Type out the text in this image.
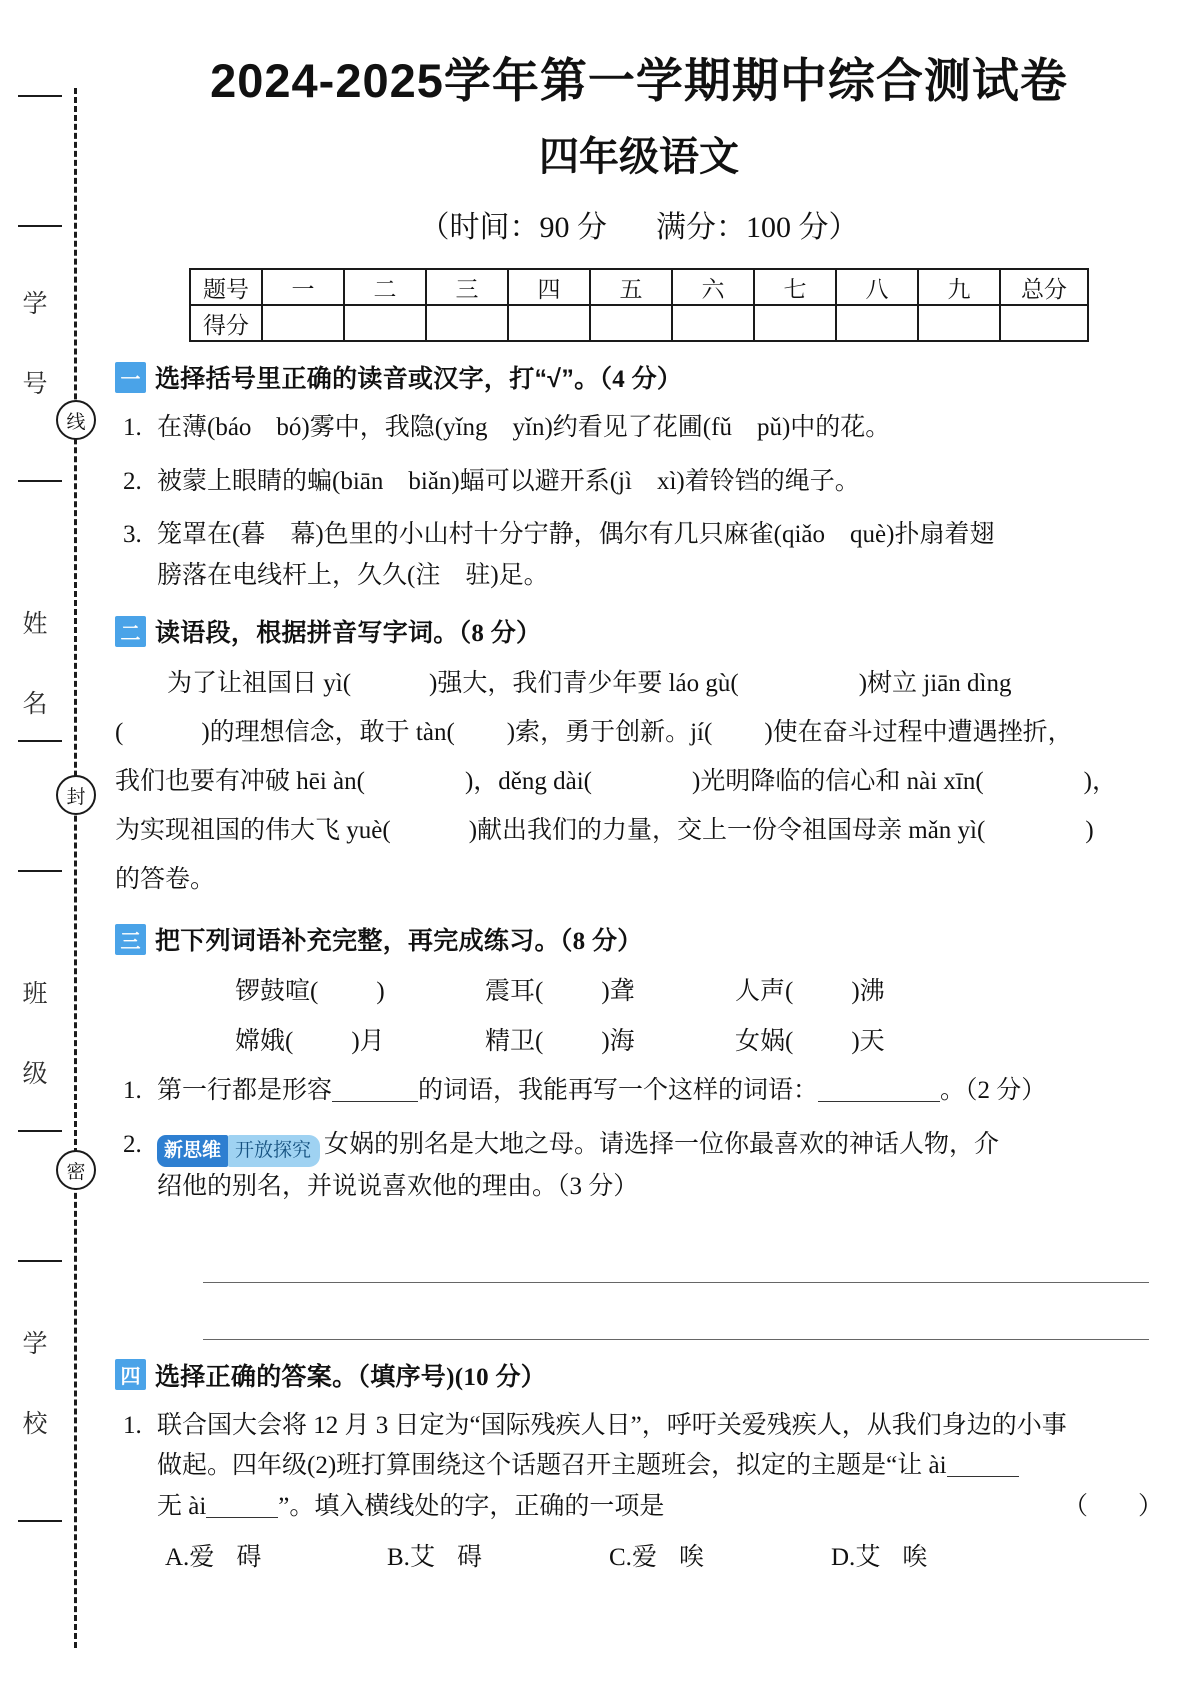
学 号
姓 名
班 级
学 校
线
封
密
2024-2025学年第一学期期中综合测试卷
四年级语文
（时间：90 分 满分：100 分）
题号	一	二	三	四	五	六	七	八	九	总分
得分										
一 选择括号里正确的读音或汉字，打“√”。（4 分）
1. 在薄(báo　bó)雾中，我隐(yǐng　yǐn)约看见了花圃(fǔ　pǔ)中的花。
2. 被蒙上眼睛的蝙(biān　biǎn)蝠可以避开系(jì　xì)着铃铛的绳子。
3. 笼罩在(暮　幕)色里的小山村十分宁静，偶尔有几只麻雀(qiǎo　què)扑扇着翅
膀落在电线杆上，久久(注　驻)足。
二 读语段，根据拼音写字词。（8 分）
为了让祖国日 yì(	)强大，我们青少年要 láo gù(	)树立 jiān dìng
(	)的理想信念，敢于 tàn( )索，勇于创新。jí( )使在奋斗过程中遭遇挫折，
我们也要有冲破 hēi àn(	)，děng dài(	)光明降临的信心和 nài xīn(	)，
为实现祖国的伟大飞 yuè(	)献出我们的力量，交上一份令祖国母亲 mǎn yì(	)
的答卷。
三 把下列词语补充完整，再完成练习。（8 分）
锣鼓喧( )	震耳( )聋	人声( )沸
嫦娥( )月	精卫( )海	女娲( )天
1. 第一行都是形容	的词语，我能再写一个这样的词语：	。（2 分）
2.	新思维 开放探究 女娲的别名是大地之母。请选择一位你最喜欢的神话人物，介
绍他的别名，并说说喜欢他的理由。（3 分）
四 选择正确的答案。（填序号)(10 分）
1. 联合国大会将 12 月 3 日定为“国际残疾人日”，呼吁关爱残疾人，从我们身边的小事
做起。四年级(2)班打算围绕这个话题召开主题班会，拟定的主题是“让 ài
无 ài	”。填入横线处的字，正确的一项是	（　　）
A.爱 碍	B.艾 碍	C.爱 唉	D.艾 唉
